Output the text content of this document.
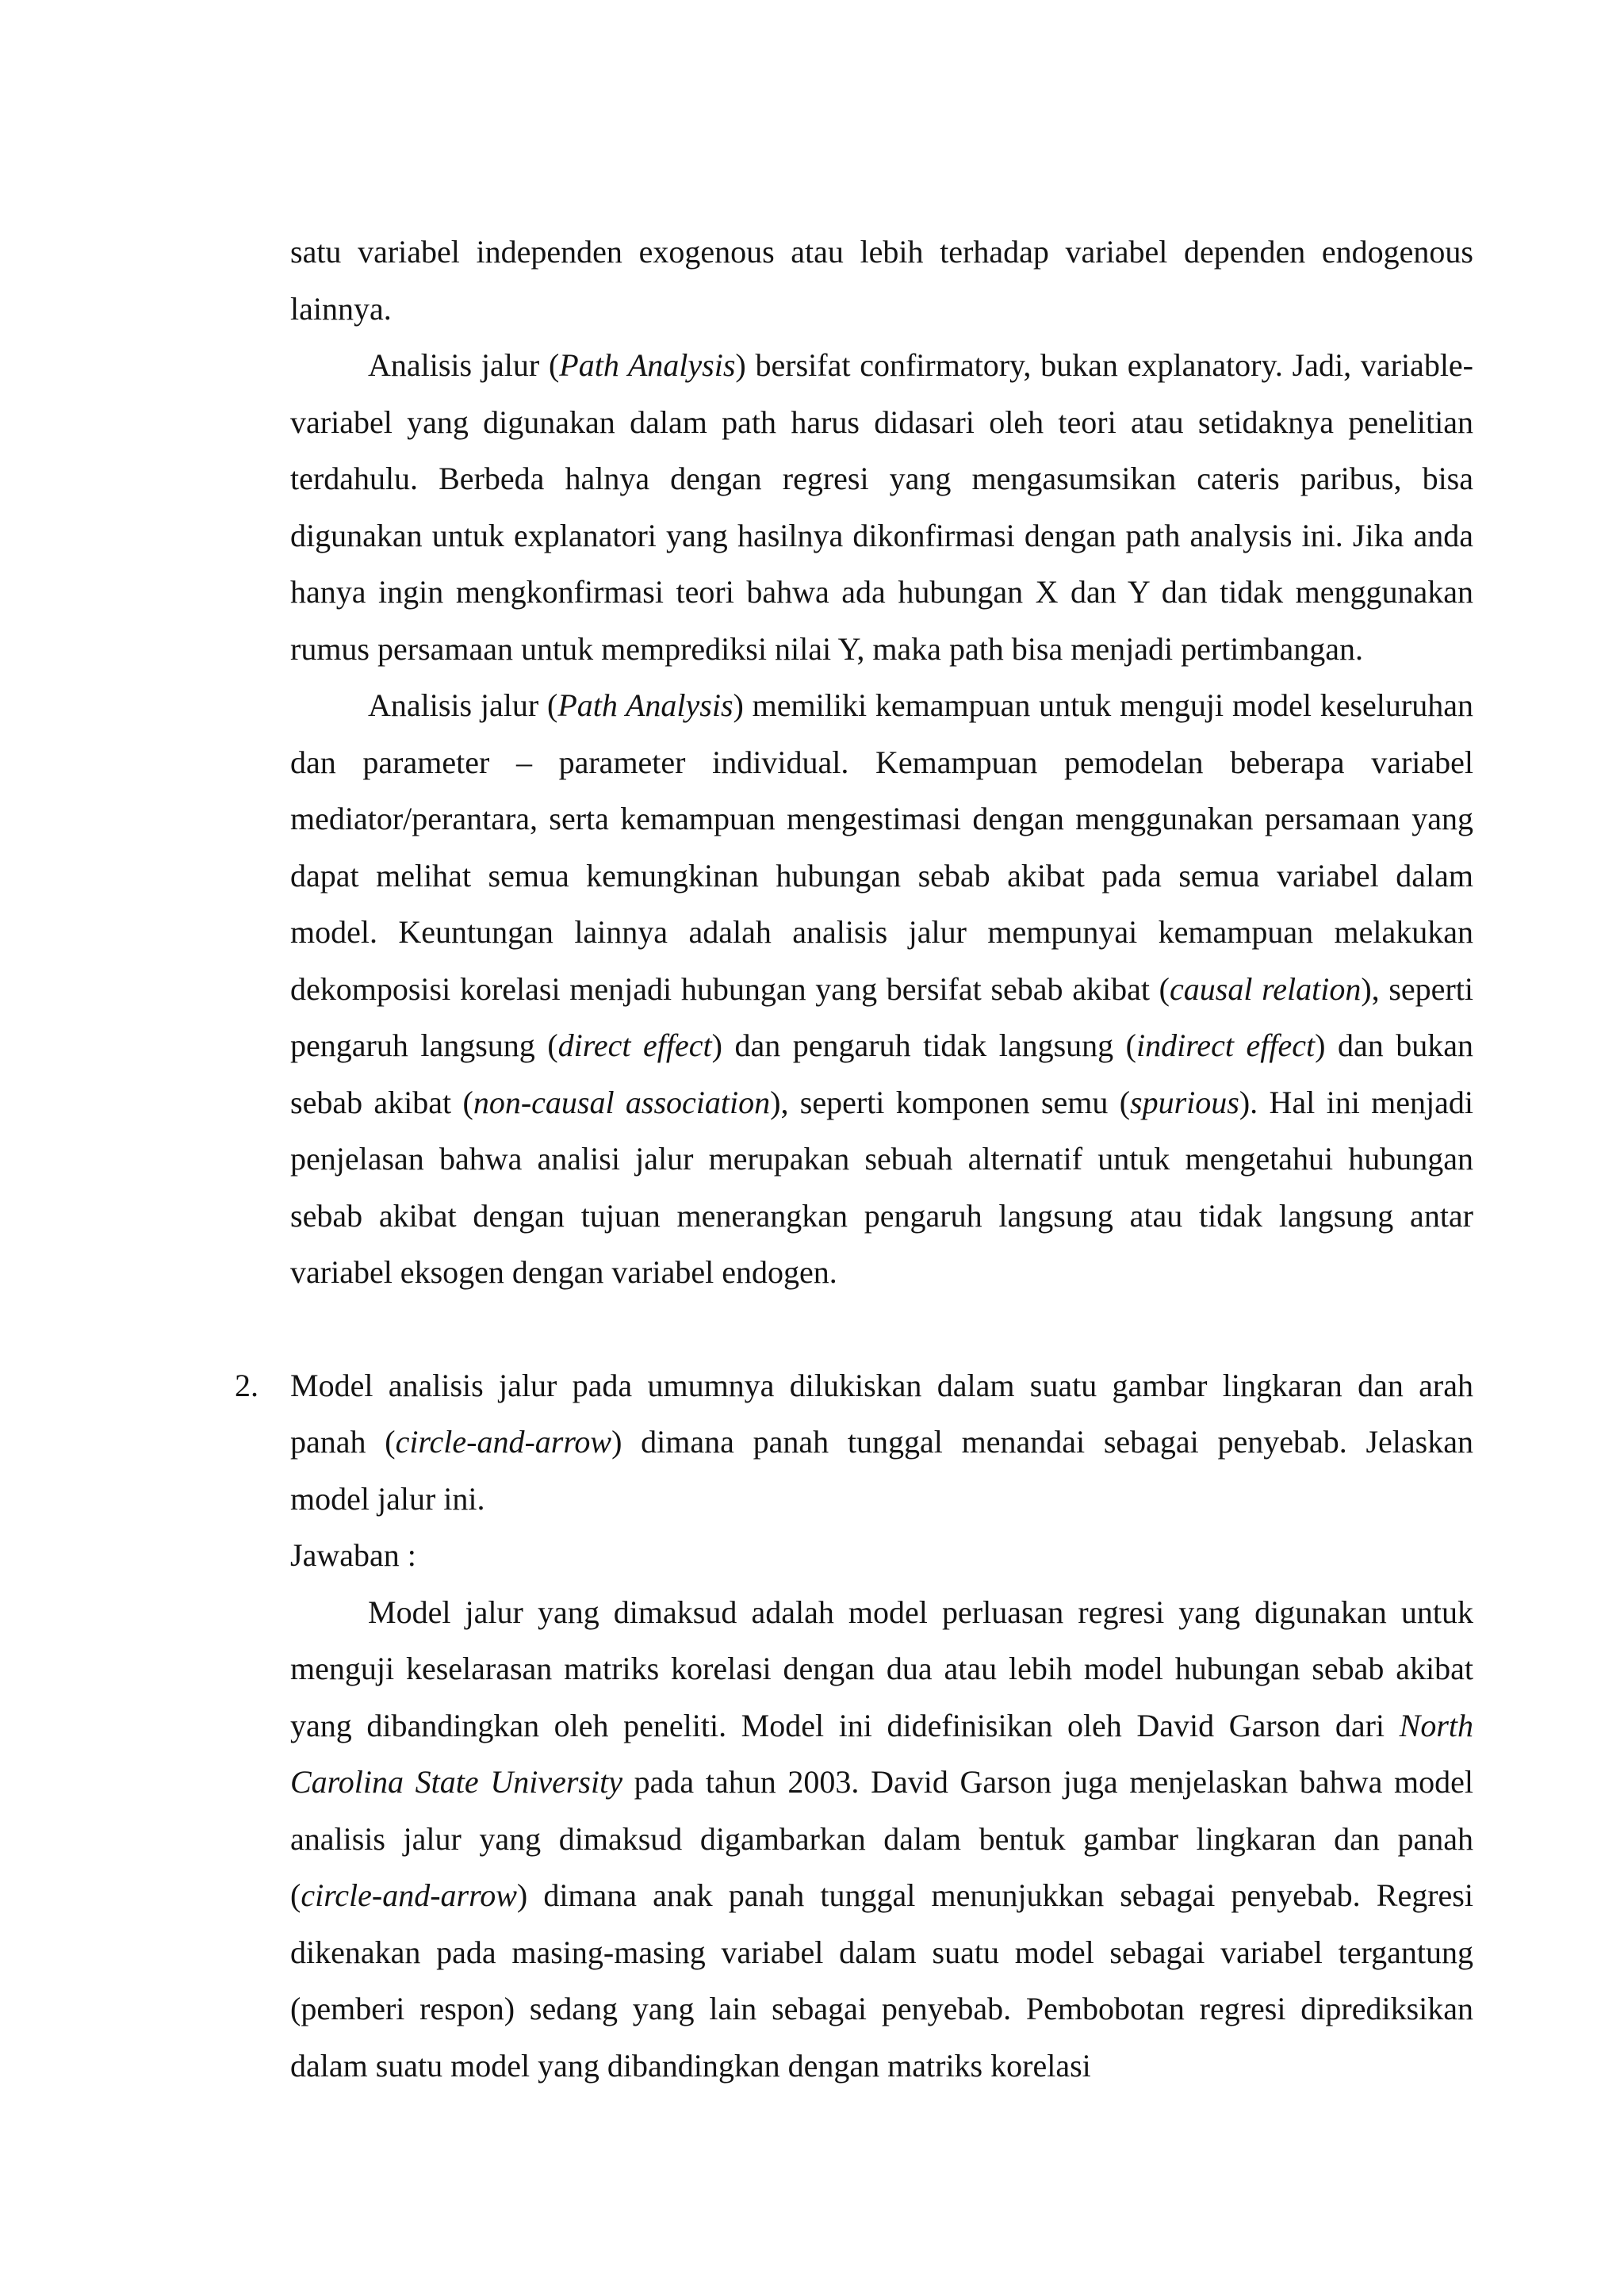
satu variabel independen exogenous atau lebih terhadap variabel dependen endogenous lainnya.

Analisis jalur (Path Analysis) bersifat confirmatory, bukan explanatory. Jadi, variable-variabel yang digunakan dalam path harus didasari oleh teori atau setidaknya penelitian terdahulu. Berbeda halnya dengan regresi yang mengasumsikan cateris paribus, bisa digunakan untuk explanatori yang hasilnya dikonfirmasi dengan path analysis ini. Jika anda hanya ingin mengkonfirmasi teori bahwa ada hubungan X dan Y dan tidak menggunakan rumus persamaan untuk memprediksi nilai Y, maka path bisa menjadi pertimbangan.

Analisis jalur (Path Analysis) memiliki kemampuan untuk menguji model keseluruhan dan parameter – parameter individual. Kemampuan pemodelan beberapa variabel mediator/perantara, serta kemampuan mengestimasi dengan menggunakan persamaan yang dapat melihat semua kemungkinan hubungan sebab akibat pada semua variabel dalam model. Keuntungan lainnya adalah analisis jalur mempunyai kemampuan melakukan dekomposisi korelasi menjadi hubungan yang bersifat sebab akibat (causal relation), seperti pengaruh langsung (direct effect) dan pengaruh tidak langsung (indirect effect) dan bukan sebab akibat (non-causal association), seperti komponen semu (spurious). Hal ini menjadi penjelasan bahwa analisi jalur merupakan sebuah alternatif untuk mengetahui hubungan sebab akibat dengan tujuan menerangkan pengaruh langsung atau tidak langsung antar variabel eksogen dengan variabel endogen.

2. Model analisis jalur pada umumnya dilukiskan dalam suatu gambar lingkaran dan arah panah (circle-and-arrow) dimana panah tunggal menandai sebagai penyebab. Jelaskan model jalur ini.

Jawaban :

Model jalur yang dimaksud adalah model perluasan regresi yang digunakan untuk menguji keselarasan matriks korelasi dengan dua atau lebih model hubungan sebab akibat yang dibandingkan oleh peneliti. Model ini didefinisikan oleh David Garson dari North Carolina State University pada tahun 2003. David Garson juga menjelaskan bahwa model analisis jalur yang dimaksud digambarkan dalam bentuk gambar lingkaran dan panah (circle-and-arrow) dimana anak panah tunggal menunjukkan sebagai penyebab. Regresi dikenakan pada masing-masing variabel dalam suatu model sebagai variabel tergantung (pemberi respon) sedang yang lain sebagai penyebab. Pembobotan regresi diprediksikan dalam suatu model yang dibandingkan dengan matriks korelasi
